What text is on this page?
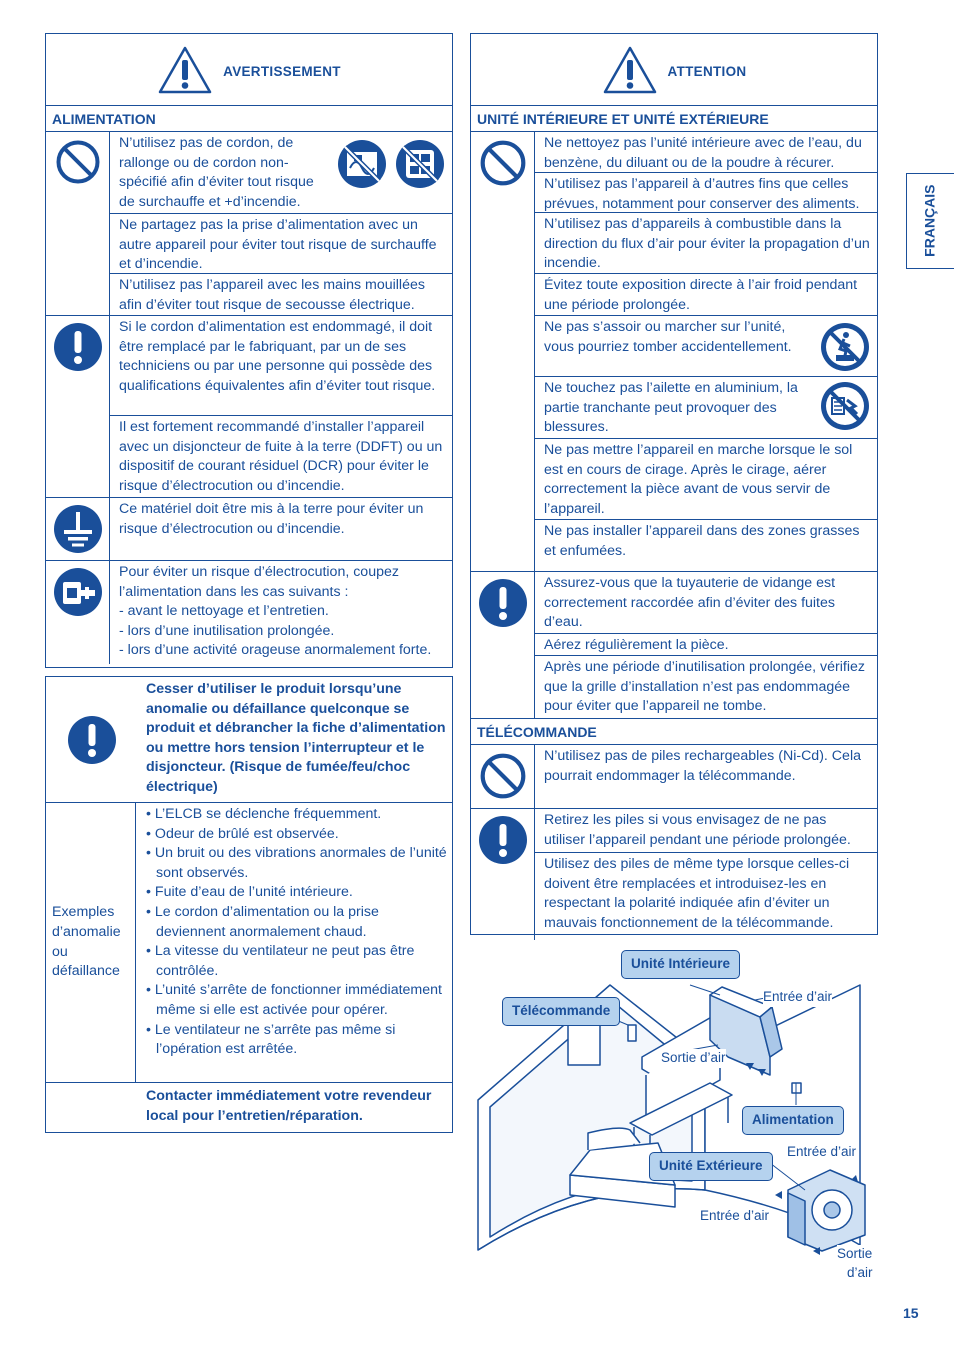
AVERTISSEMENT
ALIMENTATION
N’utilisez pas de cordon, de rallonge ou de cordon non-spécifié afin d’éviter tout risque de surchauffe et +d’incendie.
Ne partagez pas la prise d’alimentation avec un autre appareil pour éviter tout risque de surchauffe et d’incendie.
N’utilisez pas l’appareil avec les mains mouillées afin d’éviter tout risque de secousse électrique.
Si le cordon d’alimentation est endommagé, il doit être remplacé par le fabriquant, par un de ses techniciens ou par une personne qui possède des qualifications équivalentes afin d’éviter tout risque.
Il est fortement recommandé d’installer l’appareil avec un disjoncteur de fuite à la terre (DDFT) ou un dispositif de courant résiduel (DCR) pour éviter le risque d’électrocution ou d’incendie.
Ce matériel doit être mis à la terre pour éviter un risque d’électrocution ou d’incendie.
Pour éviter un risque d’électrocution, coupez l’alimentation dans les cas suivants :
- avant le nettoyage et l’entretien.
- lors d’une inutilisation prolongée.
- lors d’une activité orageuse anormalement forte.
Cesser d’utiliser le produit lorsqu’une anomalie ou défaillance quelconque se produit et débrancher la fiche d’alimentation ou mettre hors tension l’interrupteur et le disjoncteur. (Risque de fumée/feu/choc électrique)
Exemples d’anomalie ou défaillance
• L’ELCB se déclenche fréquemment.
• Odeur de brûlé est observée.
• Un bruit ou des vibrations anormales de l’unité sont observés.
• Fuite d’eau de l’unité intérieure.
• Le cordon d’alimentation ou la prise deviennent anormalement chaud.
• La vitesse du ventilateur ne peut pas être contrôlée.
• L’unité s’arrête de fonctionner immédiatement même si elle est activée pour opérer.
• Le ventilateur ne s’arrête pas même si l’opération est arrêtée.
Contacter immédiatement votre revendeur local pour l’entretien/réparation.
ATTENTION
UNITÉ INTÉRIEURE ET UNITÉ EXTÉRIEURE
Ne nettoyez pas l’unité intérieure avec de l’eau, du benzène, du diluant ou de la poudre à récurer.
N’utilisez pas l’appareil à d’autres fins que celles prévues, notamment pour conserver des aliments.
N’utilisez pas d’appareils à combustible dans la direction du flux d’air pour éviter la propagation d’un incendie.
Évitez toute exposition directe à l’air froid pendant une période prolongée.
Ne pas s’assoir ou marcher sur l’unité, vous pourriez tomber accidentellement.
Ne touchez pas l’ailette en aluminium, la partie tranchante peut provoquer des blessures.
Ne pas mettre l’appareil en marche lorsque le sol est en cours de cirage. Après le cirage, aérer correctement la pièce avant de vous servir de l’appareil.
Ne pas installer l’appareil dans des zones grasses et enfumées.
Assurez-vous que la tuyauterie de vidange est correctement raccordée afin d’éviter des fuites d’eau.
Aérez régulièrement la pièce.
Après une période d’inutilisation prolongée, vérifiez que la grille d’installation n’est pas endommagée pour éviter que l’appareil ne tombe.
TÉLÉCOMMANDE
N’utilisez pas de piles rechargeables (Ni-Cd). Cela pourrait endommager la télécommande.
Retirez les piles si vous envisagez de ne pas utiliser l’appareil pendant une période prolongée.
Utilisez des piles de même type lorsque celles-ci doivent être remplacées et introduisez-les en respectant la polarité indiquée afin d’éviter un mauvais fonctionnement de la télécommande.
FRANÇAIS
Unité Intérieure
Télécommande
Alimentation
Unité Extérieure
Entrée d’air
Sortie d’air
Entrée d’air
Entrée d’air
Sortie
d’air
15
